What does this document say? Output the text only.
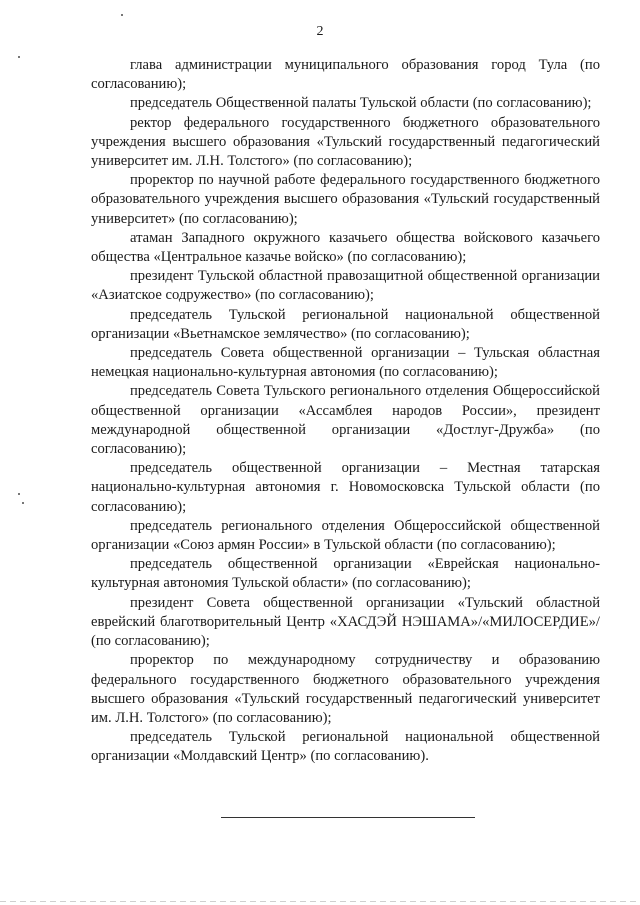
2

глава администрации муниципального образования город Тула (по согласованию);

председатель Общественной палаты Тульской области (по согласованию);

ректор федерального государственного бюджетного образовательного учреждения высшего образования «Тульский государственный педагогический университет им. Л.Н. Толстого» (по согласованию);

проректор по научной работе федерального государственного бюджетного образовательного учреждения высшего образования «Тульский государственный университет» (по согласованию);

атаман Западного окружного казачьего общества войскового казачьего общества «Центральное казачье войско» (по согласованию);

президент Тульской областной правозащитной общественной организации «Азиатское содружество» (по согласованию);

председатель Тульской региональной национальной общественной организации «Вьетнамское землячество» (по согласованию);

председатель Совета общественной организации – Тульская областная немецкая национально-культурная автономия (по согласованию);

председатель Совета Тульского регионального отделения Общероссийской общественной организации «Ассамблея народов России», президент международной общественной организации «Достлуг-Дружба» (по согласованию);

председатель общественной организации – Местная татарская национально-культурная автономия г. Новомосковска Тульской области (по согласованию);

председатель регионального отделения Общероссийской общественной организации «Союз армян России» в Тульской области (по согласованию);

председатель общественной организации «Еврейская национально-культурная автономия Тульской области» (по согласованию);

президент Совета общественной организации «Тульский областной еврейский благотворительный Центр «ХАСДЭЙ НЭШАМА»/«МИЛОСЕРДИЕ»/ (по согласованию);

проректор по международному сотрудничеству и образованию федерального государственного бюджетного образовательного учреждения высшего образования «Тульский государственный педагогический университет им. Л.Н. Толстого» (по согласованию);

председатель Тульской региональной национальной общественной организации «Молдавский Центр» (по согласованию).
